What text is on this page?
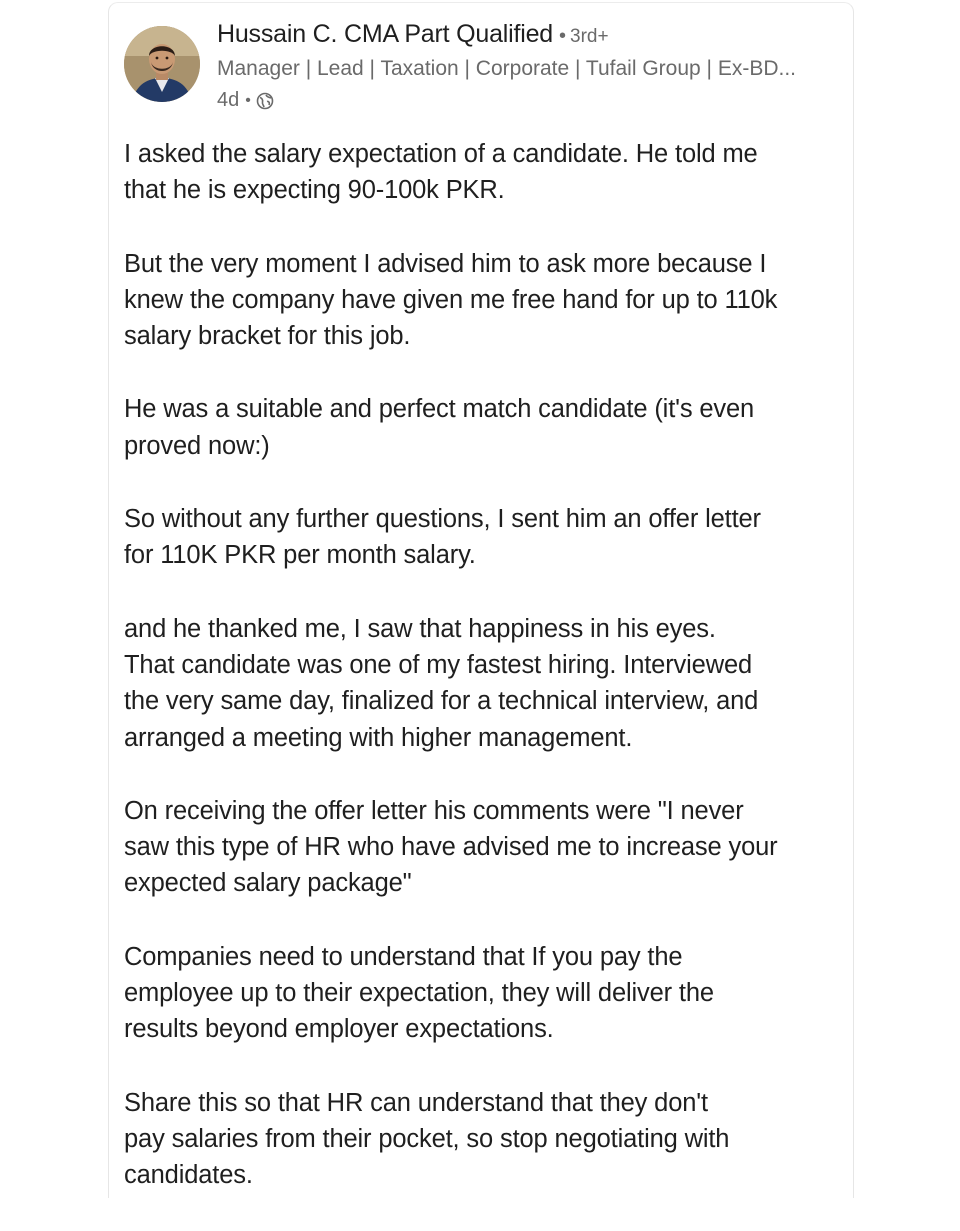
Hussain C. CMA Part Qualified • 3rd+
Manager | Lead | Taxation | Corporate | Tufail Group | Ex-BD...
4d •

I asked the salary expectation of a candidate. He told me
that he is expecting 90-100k PKR.

But the very moment I advised him to ask more because I
knew the company have given me free hand for up to 110k
salary bracket for this job.

He was a suitable and perfect match candidate (it's even
proved now:)

So without any further questions, I sent him an offer letter
for 110K PKR per month salary.

and he thanked me, I saw that happiness in his eyes.
That candidate was one of my fastest hiring. Interviewed
the very same day, finalized for a technical interview, and
arranged a meeting with higher management.

On receiving the offer letter his comments were "I never
saw this type of HR who have advised me to increase your
expected salary package"

Companies need to understand that If you pay the
employee up to their expectation, they will deliver the
results beyond employer expectations.

Share this so that HR can understand that they don't
pay salaries from their pocket, so stop negotiating with
candidates.
